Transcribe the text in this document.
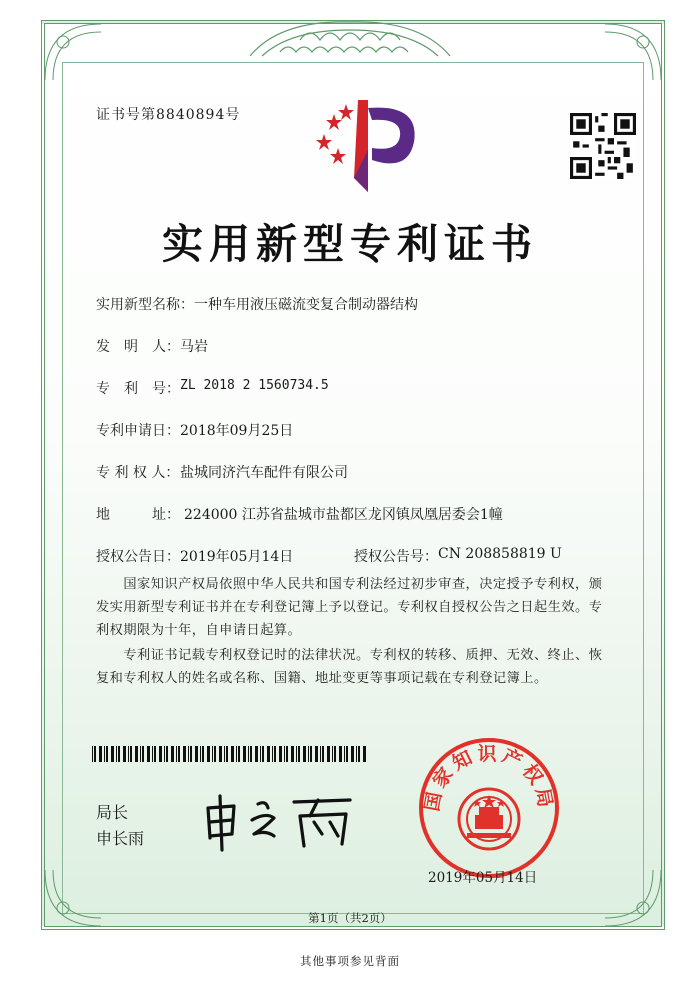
证书号第8840894号
实用新型专利证书
实用新型名称： 一种车用液压磁流变复合制动器结构
发　明　人： 马岩
专　利　号： ZL 2018 2 1560734.5
专利申请日： 2018年09月25日
专 利 权 人： 盐城同济汽车配件有限公司
地　　　址： 224000 江苏省盐城市盐都区龙冈镇凤凰居委会1幢
授权公告日： 2019年05月14日	授权公告号： CN 208858819 U
　　国家知识产权局依照中华人民共和国专利法经过初步审查，决定授予专利权，颁发实用新型专利证书并在专利登记簿上予以登记。专利权自授权公告之日起生效。专利权期限为十年，自申请日起算。
　　专利证书记载专利权登记时的法律状况。专利权的转移、质押、无效、终止、恢复和专利权人的姓名或名称、国籍、地址变更等事项记载在专利登记簿上。
局长
申长雨
国家知识产权局
2019年05月14日
第1页（共2页）
其他事项参见背面
